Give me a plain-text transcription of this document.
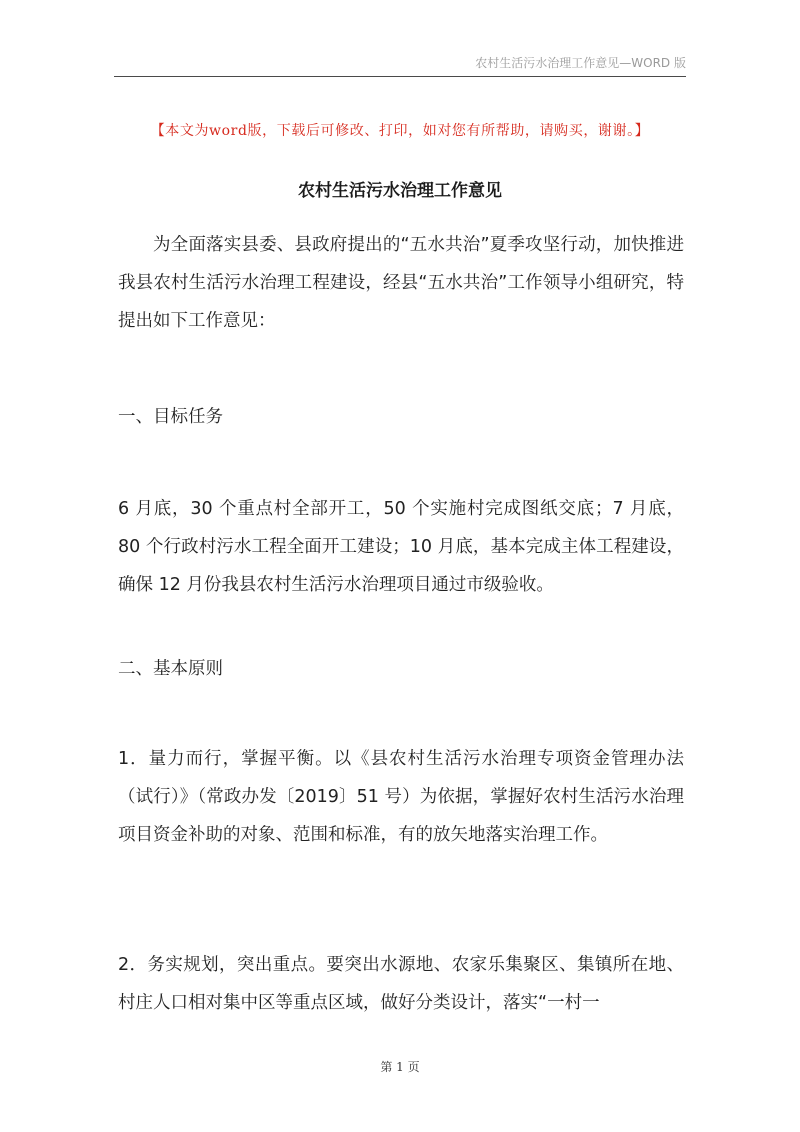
农村生活污水治理工作意见—WORD 版
【本文为word版，下载后可修改、打印，如对您有所帮助，请购买，谢谢。】
农村生活污水治理工作意见
为全面落实县委、县政府提出的“五水共治”夏季攻坚行动，加快推进我县农村生活污水治理工程建设，经县“五水共治”工作领导小组研究，特提出如下工作意见：
一、目标任务
6 月底，30 个重点村全部开工，50 个实施村完成图纸交底；7 月底，80 个行政村污水工程全面开工建设；10 月底，基本完成主体工程建设，确保 12 月份我县农村生活污水治理项目通过市级验收。
二、基本原则
1．量力而行，掌握平衡。以《县农村生活污水治理专项资金管理办法（试行）》（常政办发〔2019〕51 号）为依据，掌握好农村生活污水治理项目资金补助的对象、范围和标准，有的放矢地落实治理工作。
2．务实规划，突出重点。要突出水源地、农家乐集聚区、集镇所在地、村庄人口相对集中区等重点区域，做好分类设计，落实“一村一
第 1 页
